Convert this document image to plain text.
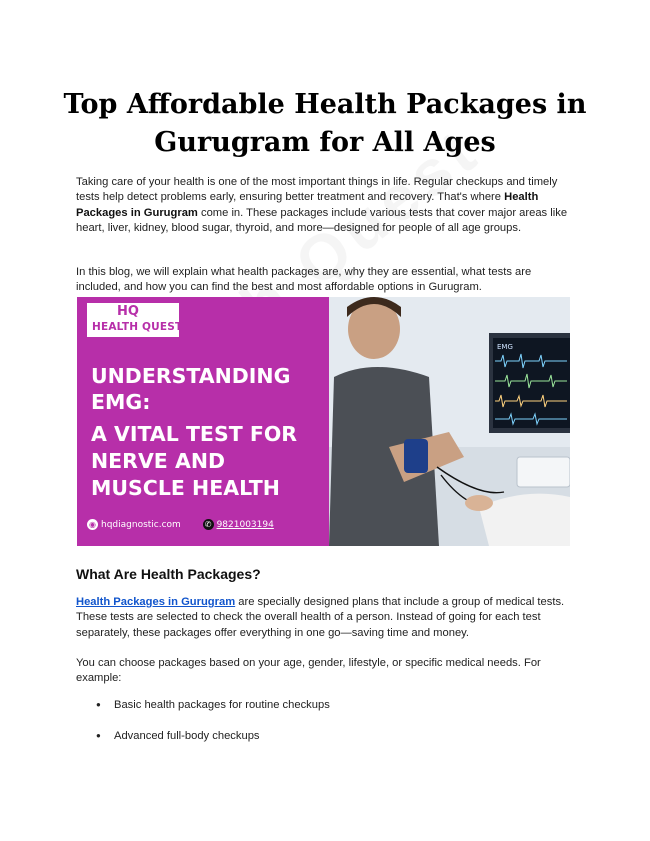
Top Affordable Health Packages in Gurugram for All Ages

Taking care of your health is one of the most important things in life. Regular checkups and timely tests help detect problems early, ensuring better treatment and recovery. That's where Health Packages in Gurugram come in. These packages include various tests that cover major areas like heart, liver, kidney, blood sugar, thyroid, and more—designed for people of all age groups.

In this blog, we will explain what health packages are, why they are essential, what tests are included, and how you can find the best and most affordable options in Gurugram.

HQ
HEALTH QUEST
UNDERSTANDING EMG:
A VITAL TEST FOR NERVE AND MUSCLE HEALTH
◉ hqdiagnostic.com	✆ 9821003194
EMG
What Are Health Packages?

Health Packages in Gurugram are specially designed plans that include a group of medical tests. These tests are selected to check the overall health of a person. Instead of going for each test separately, these packages offer everything in one go—saving time and money.

You can choose packages based on your age, gender, lifestyle, or specific medical needs. For example:

● Basic health packages for routine checkups
● Advanced full-body checkups
